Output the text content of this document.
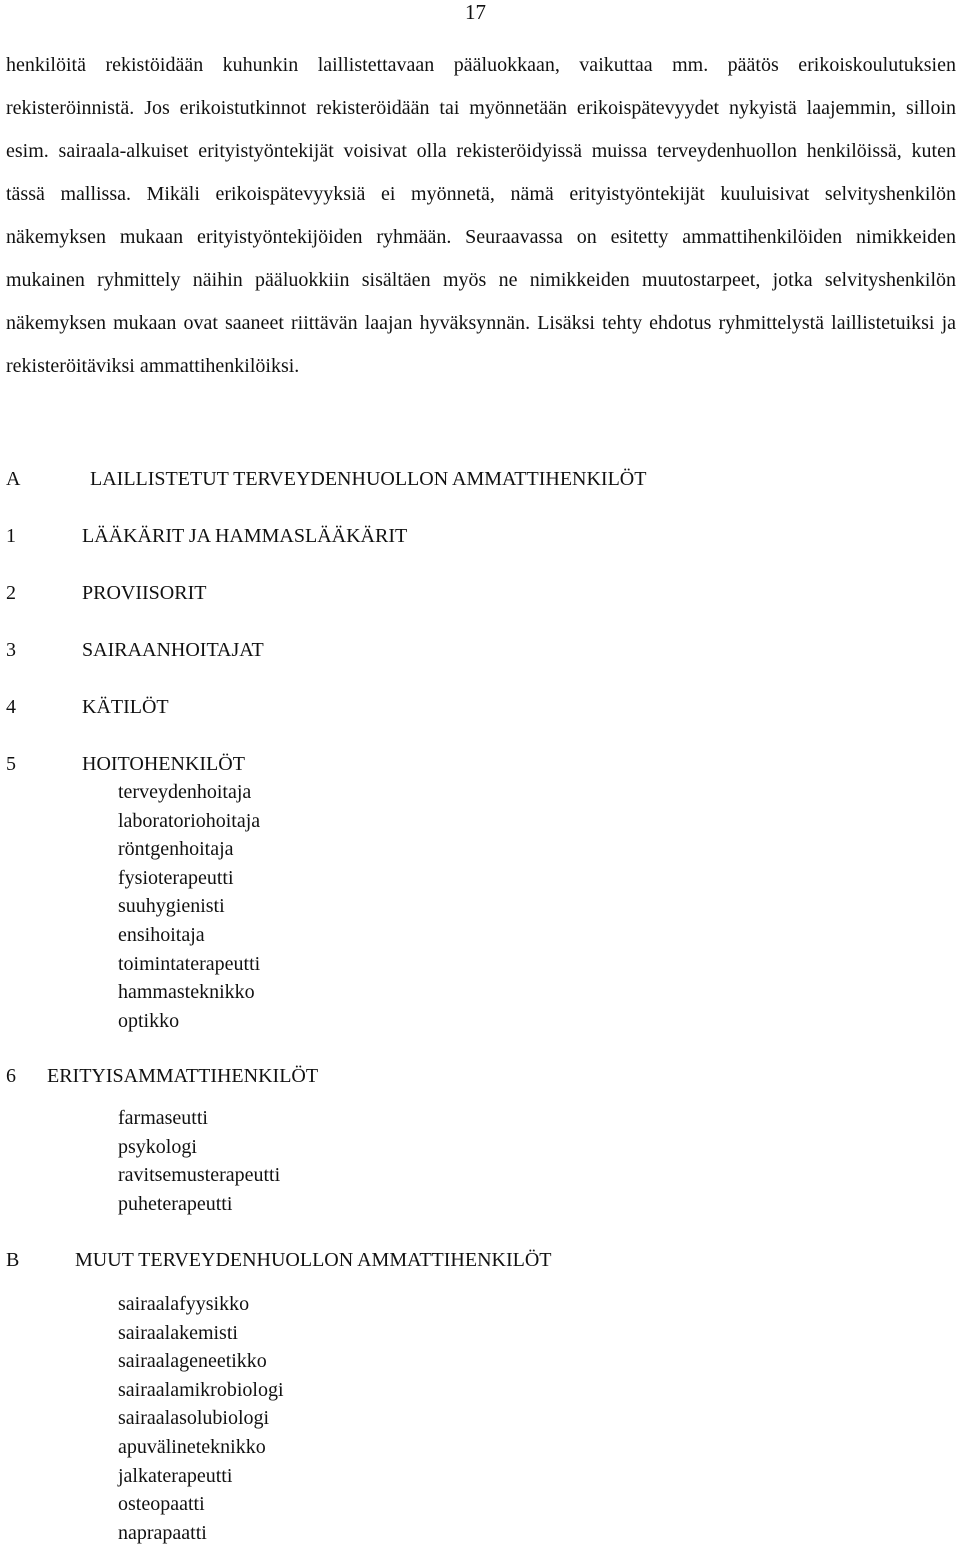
17

henkilöitä rekistöidään kuhunkin laillistettavaan pääluokkaan, vaikuttaa mm. päätös erikoiskoulutuksien rekisteröinnistä. Jos erikoistutkinnot rekisteröidään tai myönnetään erikoispätevyydet nykyistä laajemmin, silloin esim. sairaala-alkuiset erityistyöntekijät voisivat olla rekisteröidyissä muissa terveydenhuollon henkilöissä, kuten tässä mallissa. Mikäli erikoispätevyyksiä ei myönnetä, nämä erityistyöntekijät kuuluisivat selvityshenkilön näkemyksen mukaan erityistyöntekijöiden ryhmään. Seuraavassa on esitetty ammattihenkilöiden nimikkeiden mukainen ryhmittely näihin pääluokkiin sisältäen myös ne nimikkeiden muutostarpeet, jotka selvityshenkilön näkemyksen mukaan ovat saaneet riittävän laajan hyväksynnän. Lisäksi tehty ehdotus ryhmittelystä laillistetuiksi ja rekisteröitäviksi ammattihenkilöiksi.

A	LAILLISTETUT TERVEYDENHUOLLON AMMATTIHENKILÖT
1	LÄÄKÄRIT JA HAMMASLÄÄKÄRIT
2	PROVIISORIT
3	SAIRAANHOITAJAT
4	KÄTILÖT
5	HOITOHENKILÖT
terveydenhoitaja
laboratoriohoitaja
röntgenhoitaja
fysioterapeutti
suuhygienisti
ensihoitaja
toimintaterapeutti
hammasteknikko
optikko
6 ERITYISAMMATTIHENKILÖT
farmaseutti
psykologi
ravitsemusterapeutti
puheterapeutti
B	MUUT TERVEYDENHUOLLON AMMATTIHENKILÖT
sairaalafyysikko
sairaalakemisti
sairaalageneetikko
sairaalamikrobiologi
sairaalasolubiologi
apuvälineteknikko
jalkaterapeutti
osteopaatti
naprapaatti
